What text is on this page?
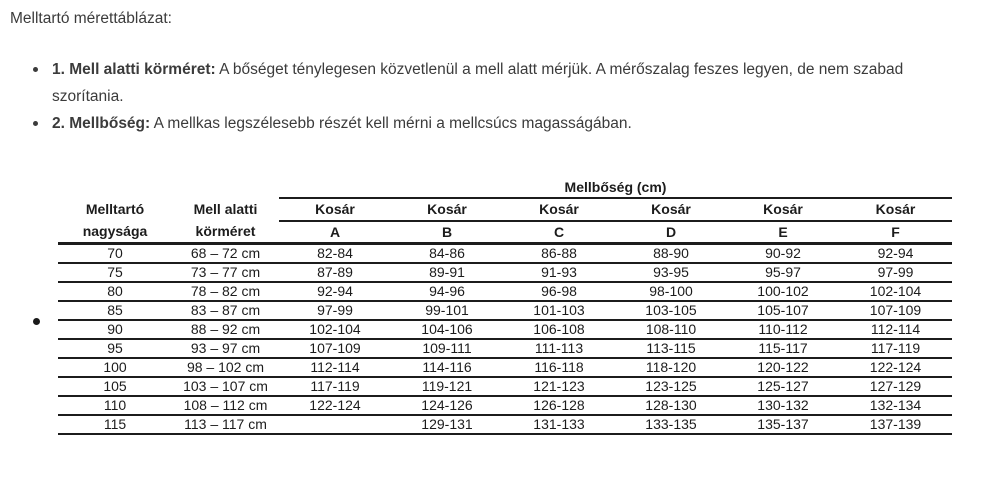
Melltartó mérettáblázat:
1. Mell alatti körméret: A bőséget ténylegesen közvetlenül a mell alatt mérjük. A mérőszalag feszes legyen, de nem szabad szorítania.
2. Mellbőség: A mellkas legszélesebb részét kell mérni a mellcsúcs magasságában.
		Mellbőség (cm)					
Melltartó nagysága	Mell alatti körméret	Kosár	Kosár	Kosár	Kosár	Kosár	Kosár
		A	B	C	D	E	F
70	68 – 72 cm	82-84	84-86	86-88	88-90	90-92	92-94
75	73 – 77 cm	87-89	89-91	91-93	93-95	95-97	97-99
80	78 – 82 cm	92-94	94-96	96-98	98-100	100-102	102-104
85	83 – 87 cm	97-99	99-101	101-103	103-105	105-107	107-109
90	88 – 92 cm	102-104	104-106	106-108	108-110	110-112	112-114
95	93 – 97 cm	107-109	109-111	111-113	113-115	115-117	117-119
100	98 – 102 cm	112-114	114-116	116-118	118-120	120-122	122-124
105	103 – 107 cm	117-119	119-121	121-123	123-125	125-127	127-129
110	108 – 112 cm	122-124	124-126	126-128	128-130	130-132	132-134
115	113 – 117 cm		129-131	131-133	133-135	135-137	137-139
